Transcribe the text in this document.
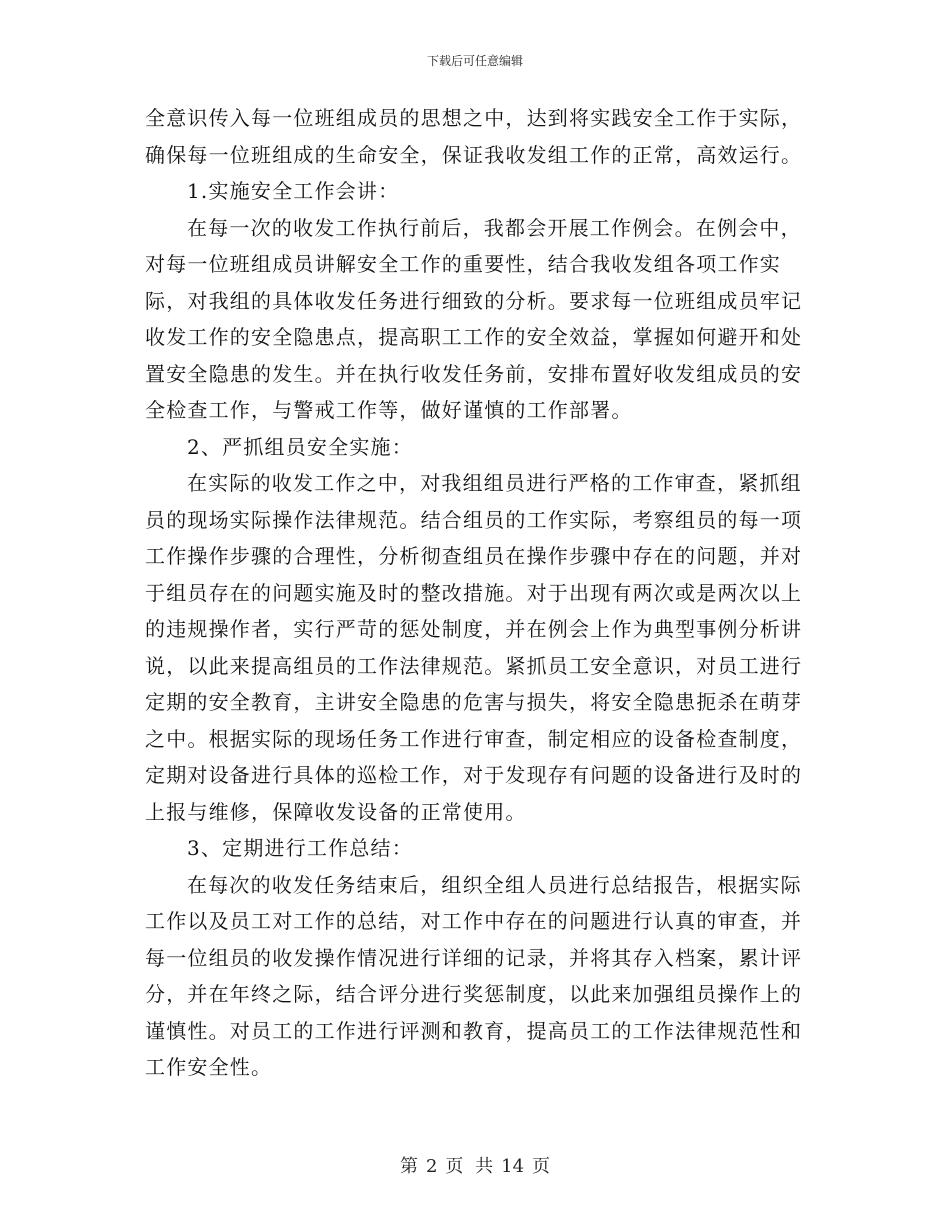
下载后可任意编辑

全意识传入每一位班组成员的思想之中，达到将实践安全工作于实际，确保每一位班组成的生命安全，保证我收发组工作的正常，高效运行。

1.实施安全工作会讲：

在每一次的收发工作执行前后，我都会开展工作例会。在例会中，对每一位班组成员讲解安全工作的重要性，结合我收发组各项工作实际，对我组的具体收发任务进行细致的分析。要求每一位班组成员牢记收发工作的安全隐患点，提高职工工作的安全效益，掌握如何避开和处置安全隐患的发生。并在执行收发任务前，安排布置好收发组成员的安全检查工作，与警戒工作等，做好谨慎的工作部署。

2、严抓组员安全实施：

在实际的收发工作之中，对我组组员进行严格的工作审查，紧抓组员的现场实际操作法律规范。结合组员的工作实际，考察组员的每一项工作操作步骤的合理性，分析彻查组员在操作步骤中存在的问题，并对于组员存在的问题实施及时的整改措施。对于出现有两次或是两次以上的违规操作者，实行严苛的惩处制度，并在例会上作为典型事例分析讲说，以此来提高组员的工作法律规范。紧抓员工安全意识，对员工进行定期的安全教育，主讲安全隐患的危害与损失，将安全隐患扼杀在萌芽之中。根据实际的现场任务工作进行审查，制定相应的设备检查制度，定期对设备进行具体的巡检工作，对于发现存有问题的设备进行及时的上报与维修，保障收发设备的正常使用。

3、定期进行工作总结：

在每次的收发任务结束后，组织全组人员进行总结报告，根据实际工作以及员工对工作的总结，对工作中存在的问题进行认真的审查，并每一位组员的收发操作情况进行详细的记录，并将其存入档案，累计评分，并在年终之际，结合评分进行奖惩制度，以此来加强组员操作上的谨慎性。对员工的工作进行评测和教育，提高员工的工作法律规范性和工作安全性。

第 2 页 共 14 页
